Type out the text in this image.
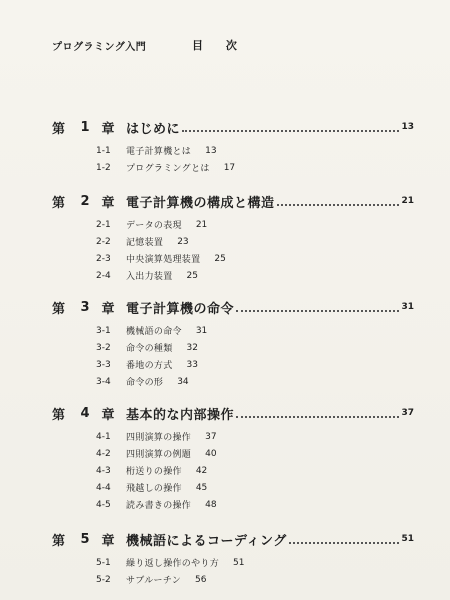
プログラミング入門	目 次
第	1 章 はじめに	13
1-1	電子計算機とは 13
1-2	プログラミングとは 17
第	2 章 電子計算機の構成と構造	21
2-1	データの表現 21
2-2	記憶装置 23
2-3	中央演算処理装置 25
2-4	入出力装置 25
第	3 章 電子計算機の命令	31
3-1	機械語の命令 31
3-2	命令の種類 32
3-3	番地の方式 33
3-4	命令の形 34
第	4 章 基本的な内部操作	37
4-1	四則演算の操作 37
4-2	四則演算の例題 40
4-3	桁送りの操作 42
4-4	飛越しの操作 45
4-5	読み書きの操作 48
第	5 章 機械語によるコーディング	51
5-1	繰り返し操作のやり方 51
5-2	サブルーチン 56
